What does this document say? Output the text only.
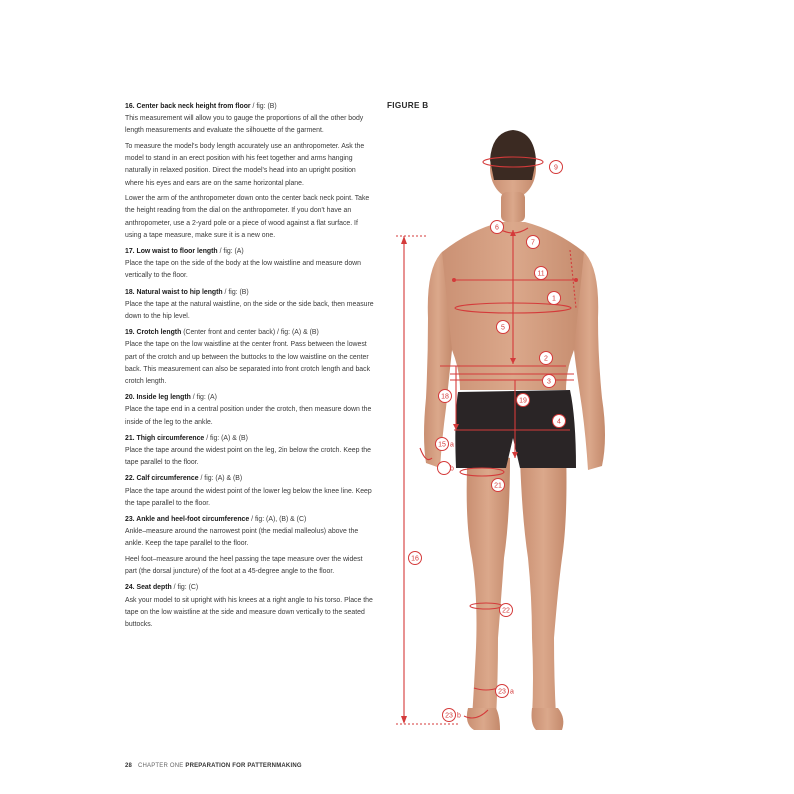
16. Center back neck height from floor / fig: (B)
This measurement will allow you to gauge the proportions of all the other body length measurements and evaluate the silhouette of the garment.
To measure the model's body length accurately use an anthropometer. Ask the model to stand in an erect position with his feet together and arms hanging naturally in relaxed position. Direct the model's head into an upright position where his eyes and ears are on the same horizontal plane.
Lower the arm of the anthropometer down onto the center back neck point. Take the height reading from the dial on the anthropometer. If you don't have an anthropometer, use a 2-yard pole or a piece of wood against a flat surface. If using a tape measure, make sure it is a new one.
17. Low waist to floor length / fig: (A)
Place the tape on the side of the body at the low waistline and measure down vertically to the floor.
18. Natural waist to hip length / fig: (B)
Place the tape at the natural waistline, on the side or the side back, then measure down to the hip level.
19. Crotch length (Center front and center back) / fig: (A) & (B)
Place the tape on the low waistline at the center front. Pass between the lowest part of the crotch and up between the buttocks to the low waistline on the center back. This measurement can also be separated into front crotch length and back crotch length.
20. Inside leg length / fig: (A)
Place the tape end in a central position under the crotch, then measure down the inside of the leg to the ankle.
21. Thigh circumference / fig: (A) & (B)
Place the tape around the widest point on the leg, 2in below the crotch. Keep the tape parallel to the floor.
22. Calf circumference / fig: (A) & (B)
Place the tape around the widest point of the lower leg below the knee line. Keep the tape parallel to the floor.
23. Ankle and heel-foot circumference / fig: (A), (B) & (C)
Ankle–measure around the narrowest point (the medial malleolus) above the ankle. Keep the tape parallel to the floor.
Heel foot–measure around the heel passing the tape measure over the widest part (the dorsal juncture) of the foot at a 45-degree angle to the floor.
24. Seat depth / fig: (C)
Ask your model to sit upright with his knees at a right angle to his torso. Place the tape on the low waistline at the side and measure down vertically to the seated buttocks.
FIGURE B
9
6
7
11
1
5
2
3
18
19
4
15 a
b
21
16
22
23 a
23 b
28 CHAPTER ONE PREPARATION FOR PATTERNMAKING
